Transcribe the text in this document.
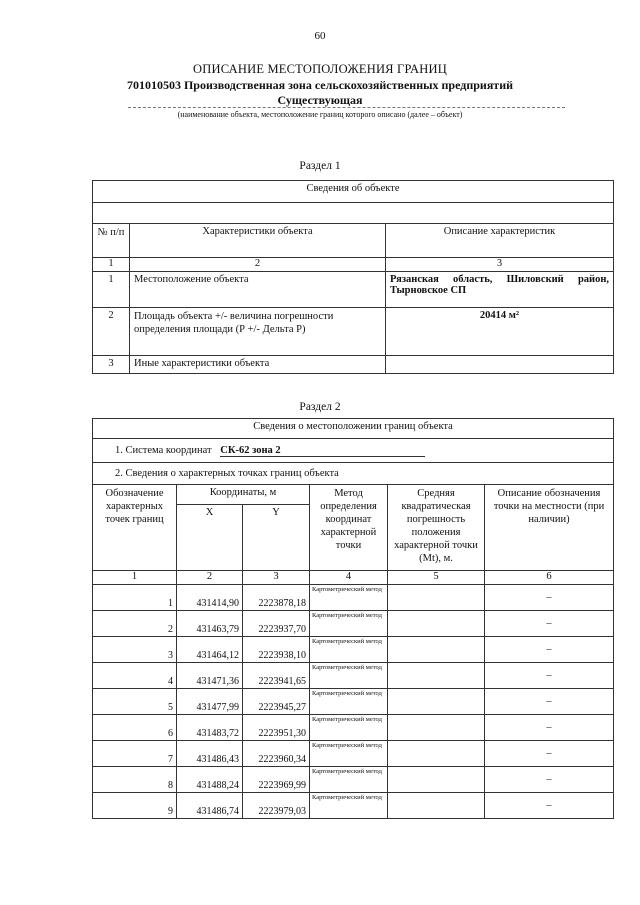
60
ОПИСАНИЕ МЕСТОПОЛОЖЕНИЯ ГРАНИЦ
701010503 Производственная зона сельскохозяйственных предприятий
Существующая
(наименование объекта, местоположение границ которого описано (далее – объект)
Раздел 1
Сведения об объекте		

№ п/п	Характеристики объекта	Описание характеристик
1	2	3
1	Местоположение объекта	Рязанская область, Шиловский район, Тырновское СП
2	Площадь объекта +/- величина погрешности определения площади (Р +/- Дельта Р)	20414 м²
3	Иные характеристики объекта	
Раздел 2
Сведения о местоположении границ объекта					
1. Система координат СК-62 зона 2					
2. Сведения о характерных точках границ объекта					
Обозначение характерных точек границ	Координаты, м		Метод определения координат характерной точки	Средняя квадратическая погрешность положения характерной точки (Mt), м.	Описание обозначения точки на местности (при наличии)
	X	Y			
1	2	3	4	5	6
1	431414,90	2223878,18	Картометрический метод		–
2	431463,79	2223937,70	Картометрический метод		–
3	431464,12	2223938,10	Картометрический метод		–
4	431471,36	2223941,65	Картометрический метод		–
5	431477,99	2223945,27	Картометрический метод		–
6	431483,72	2223951,30	Картометрический метод		–
7	431486,43	2223960,34	Картометрический метод		–
8	431488,24	2223969,99	Картометрический метод		–
9	431486,74	2223979,03	Картометрический метод		–
